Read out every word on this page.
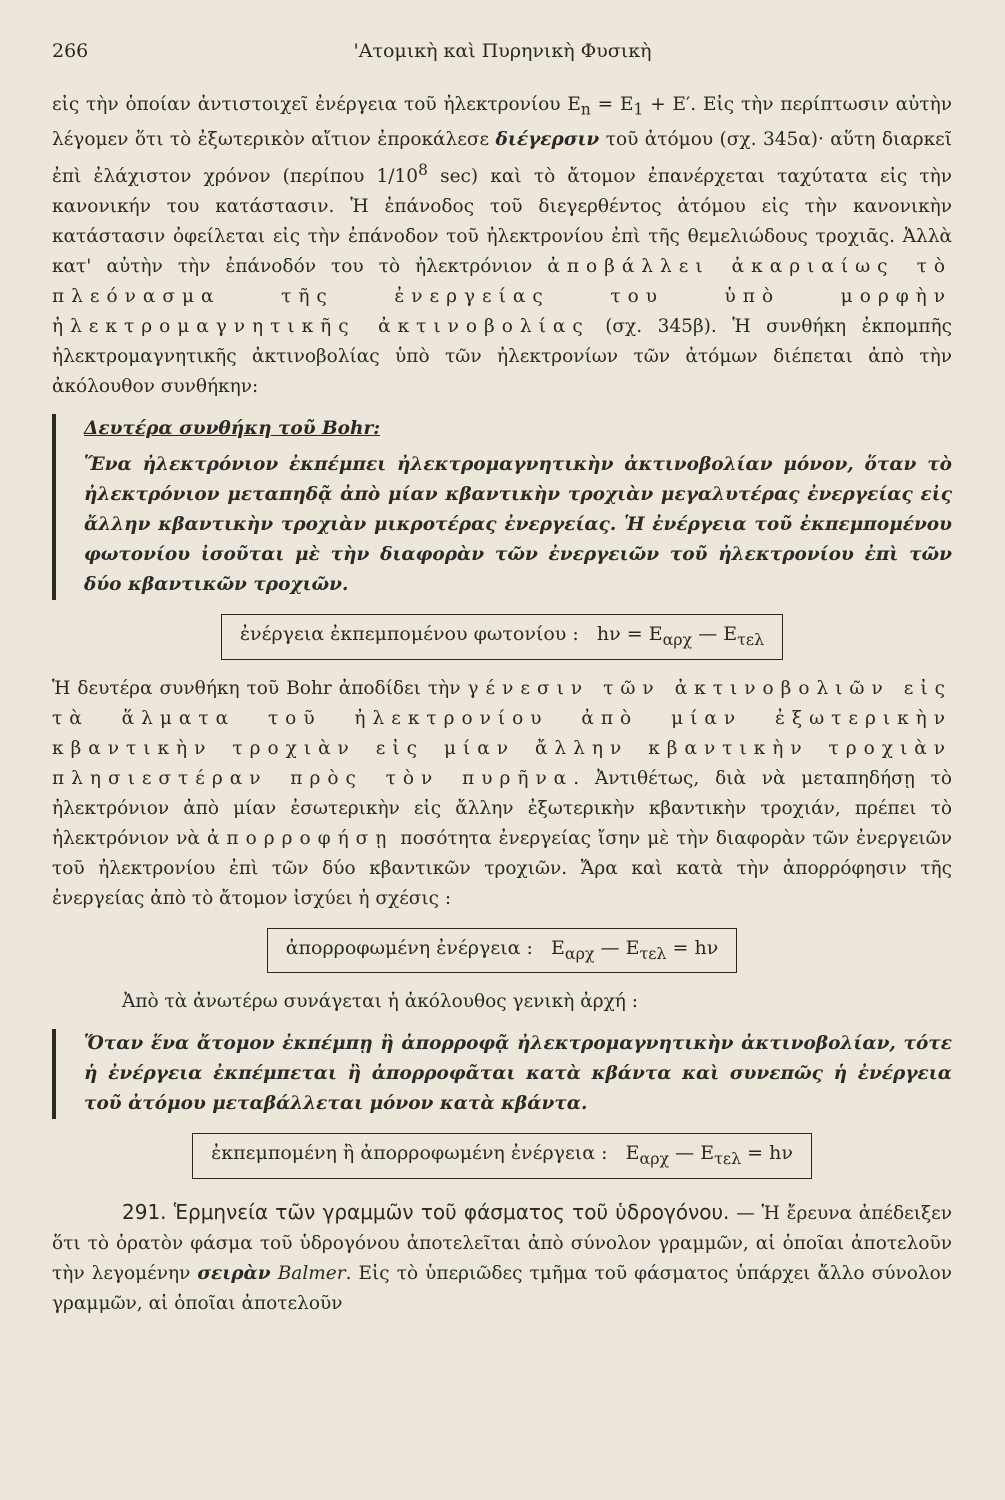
266	'Ατομικὴ καὶ Πυρηνικὴ Φυσικὴ

εἰς τὴν ὁποίαν ἀντιστοιχεῖ ἐνέργεια τοῦ ἠλεκτρονίου $E_n = E_1 + E'$. Εἰς τὴν περίπτωσιν αὐτὴν λέγομεν ὅτι τὸ ἐξωτερικὸν αἴτιον ἐπροκάλεσε διέγερσιν τοῦ ἀτόμου (σχ. 345α)· αὕτη διαρκεῖ ἐπὶ ἐλάχιστον χρόνον (περίπου $1/10^8$ sec) καὶ τὸ ἄτομον ἐπανέρχεται ταχύτατα εἰς τὴν κανονικήν του κατάστασιν. Ἡ ἐπάνοδος τοῦ διεγερθέντος ἀτόμου εἰς τὴν κανονικὴν κατάστασιν ὀφείλεται εἰς τὴν ἐπάνοδον τοῦ ἠλεκτρονίου ἐπὶ τῆς θεμελιώδους τροχιᾶς. Ἀλλὰ κατ' αὐτὴν τὴν ἐπάνοδόν του τὸ ἠλεκτρόνιον ἀποβάλλει ἀκαριαίως τὸ πλεόνασμα τῆς ἐνεργείας του ὑπὸ μορφὴν ἠλεκτρομαγνητικῆς ἀκτινοβολίας (σχ. 345β). Ἡ συνθήκη ἐκπομπῆς ἠλεκτρομαγνητικῆς ἀκτινοβολίας ὑπὸ τῶν ἠλεκτρονίων τῶν ἀτόμων διέπεται ἀπὸ τὴν ἀκόλουθον συνθήκην:

Δευτέρα συνθήκη τοῦ Bohr:

Ἕνα ἠλεκτρόνιον ἐκπέμπει ἠλεκτρομαγνητικὴν ἀκτινοβολίαν μόνον, ὅταν τὸ ἠλεκτρόνιον μεταπηδᾷ ἀπὸ μίαν κβαντικὴν τροχιὰν μεγαλυτέρας ἐνεργείας εἰς ἄλλην κβαντικὴν τροχιὰν μικροτέρας ἐνεργείας. Ἡ ἐνέργεια τοῦ ἐκπεμπομένου φωτονίου ἰσοῦται μὲ τὴν διαφορὰν τῶν ἐνεργειῶν τοῦ ἠλεκτρονίου ἐπὶ τῶν δύο κβαντικῶν τροχιῶν.

ἐνέργεια ἐκπεμπομένου φωτονίου : $h\nu = E_{\alpha\rho\chi}$ — $E_{\tau\varepsilon\lambda}$

Ἡ δευτέρα συνθήκη τοῦ Bohr ἀποδίδει τὴν γένεσιν τῶν ἀκτινοβολιῶν εἰς τὰ ἅλματα τοῦ ἠλεκτρονίου ἀπὸ μίαν ἐξωτερικὴν κβαντικὴν τροχιὰν εἰς μίαν ἄλλην κβαντικὴν τροχιὰν πλησιεστέραν πρὸς τὸν πυρῆνα. Ἀντιθέτως, διὰ νὰ μεταπηδήσῃ τὸ ἠλεκτρόνιον ἀπὸ μίαν ἐσωτερικὴν εἰς ἄλλην ἐξωτερικὴν κβαντικὴν τροχιάν, πρέπει τὸ ἠλεκτρόνιον νὰ ἀπορροφήσῃ ποσότητα ἐνεργείας ἴσην μὲ τὴν διαφορὰν τῶν ἐνεργειῶν τοῦ ἠλεκτρονίου ἐπὶ τῶν δύο κβαντικῶν τροχιῶν. Ἄρα καὶ κατὰ τὴν ἀπορρόφησιν τῆς ἐνεργείας ἀπὸ τὸ ἄτομον ἰσχύει ἡ σχέσις :

ἀπορροφωμένη ἐνέργεια : $E_{\alpha\rho\chi}$ — $E_{\tau\varepsilon\lambda} = h\nu$

Ἀπὸ τὰ ἀνωτέρω συνάγεται ἡ ἀκόλουθος γενικὴ ἀρχή :

Ὅταν ἕνα ἄτομον ἐκπέμπῃ ἢ ἀπορροφᾷ ἠλεκτρομαγνητικὴν ἀκτινοβολίαν, τότε ἡ ἐνέργεια ἐκπέμπεται ἢ ἀπορροφᾶται κατὰ κβάντα καὶ συνεπῶς ἡ ἐνέργεια τοῦ ἀτόμου μεταβάλλεται μόνον κατὰ κβάντα.

ἐκπεμπομένη ἢ ἀπορροφωμένη ἐνέργεια : $E_{\alpha\rho\chi}$ — $E_{\tau\varepsilon\lambda} = h\nu$

291. Ἑρμηνεία τῶν γραμμῶν τοῦ φάσματος τοῦ ὑδρογόνου. — Ἡ ἔρευνα ἀπέδειξεν ὅτι τὸ ὁρατὸν φάσμα τοῦ ὑδρογόνου ἀποτελεῖται ἀπὸ σύνολον γραμμῶν, αἱ ὁποῖαι ἀποτελοῦν τὴν λεγομένην σειρὰν Balmer. Εἰς τὸ ὑπεριῶδες τμῆμα τοῦ φάσματος ὑπάρχει ἄλλο σύνολον γραμμῶν, αἱ ὁποῖαι ἀποτελοῦν
